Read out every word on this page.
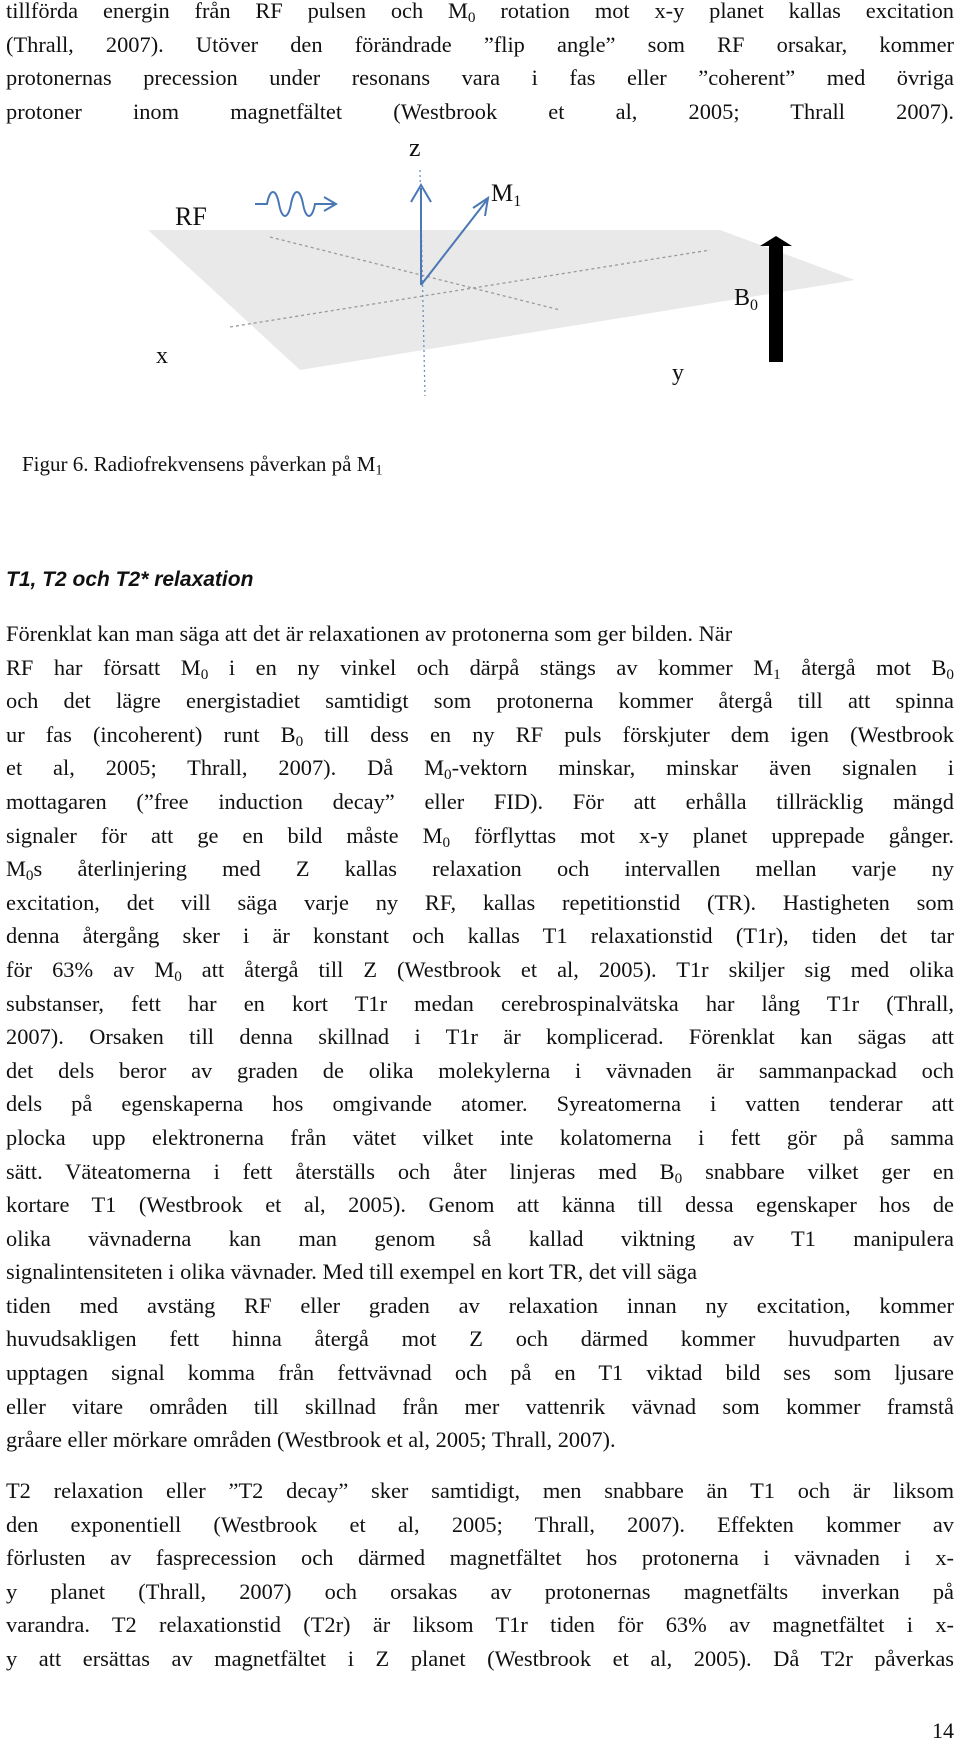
tillförda energin från RF pulsen och $M_0$ rotation mot x-y planet kallas excitation
(Thrall, 2007). Utöver den förändrade ”flip angle” som RF orsakar, kommer
protonernas precession under resonans vara i fas eller ”coherent” med övriga
protoner inom magnetfältet (Westbrook et al, 2005; Thrall 2007).
z
$M_1$
RF
$B_0$
x
y

Figur 6. Radiofrekvensens påverkan på $M_1$

T1, T2 och T2* relaxation

Förenklat kan man säga att det är relaxationen av protonerna som ger bilden. När
RF har försatt $M_0$ i en ny vinkel och därpå stängs av kommer $M_1$ återgå mot $B_0$
och det lägre energistadiet samtidigt som protonerna kommer återgå till att spinna
ur fas (incoherent) runt $B_0$ till dess en ny RF puls förskjuter dem igen (Westbrook
et al, 2005; Thrall, 2007). Då $M_0$-vektorn minskar, minskar även signalen i
mottagaren (”free induction decay” eller FID). För att erhålla tillräcklig mängd
signaler för att ge en bild måste $M_0$ förflyttas mot x-y planet upprepade gånger.
$M_0s$ återlinjering med Z kallas relaxation och intervallen mellan varje ny
excitation, det vill säga varje ny RF, kallas repetitionstid (TR). Hastigheten som
denna återgång sker i är konstant och kallas T1 relaxationstid (T1r), tiden det tar
för 63% av $M_0$ att återgå till Z (Westbrook et al, 2005). T1r skiljer sig med olika
substanser, fett har en kort T1r medan cerebrospinalvätska har lång T1r (Thrall,
2007). Orsaken till denna skillnad i T1r är komplicerad. Förenklat kan sägas att
det dels beror av graden de olika molekylerna i vävnaden är sammanpackad och
dels på egenskaperna hos omgivande atomer. Syreatomerna i vatten tenderar att
plocka upp elektronerna från vätet vilket inte kolatomerna i fett gör på samma
sätt. Väteatomerna i fett återställs och åter linjeras med $B_0$ snabbare vilket ger en
kortare T1 (Westbrook et al, 2005). Genom att känna till dessa egenskaper hos de
olika vävnaderna kan man genom så kallad viktning av T1 manipulera
signalintensiteten i olika vävnader. Med till exempel en kort TR, det vill säga
tiden med avstäng RF eller graden av relaxation innan ny excitation, kommer
huvudsakligen fett hinna återgå mot Z och därmed kommer huvudparten av
upptagen signal komma från fettvävnad och på en T1 viktad bild ses som ljusare
eller vitare områden till skillnad från mer vattenrik vävnad som kommer framstå
gråare eller mörkare områden (Westbrook et al, 2005; Thrall, 2007).
T2 relaxation eller ”T2 decay” sker samtidigt, men snabbare än T1 och är liksom
den exponentiell (Westbrook et al, 2005; Thrall, 2007). Effekten kommer av
förlusten av fasprecession och därmed magnetfältet hos protonerna i vävnaden i x-
y planet (Thrall, 2007) och orsakas av protonernas magnetfälts inverkan på
varandra. T2 relaxationstid (T2r) är liksom T1r tiden för 63% av magnetfältet i x-
y att ersättas av magnetfältet i Z planet (Westbrook et al, 2005). Då T2r påverkas

14
